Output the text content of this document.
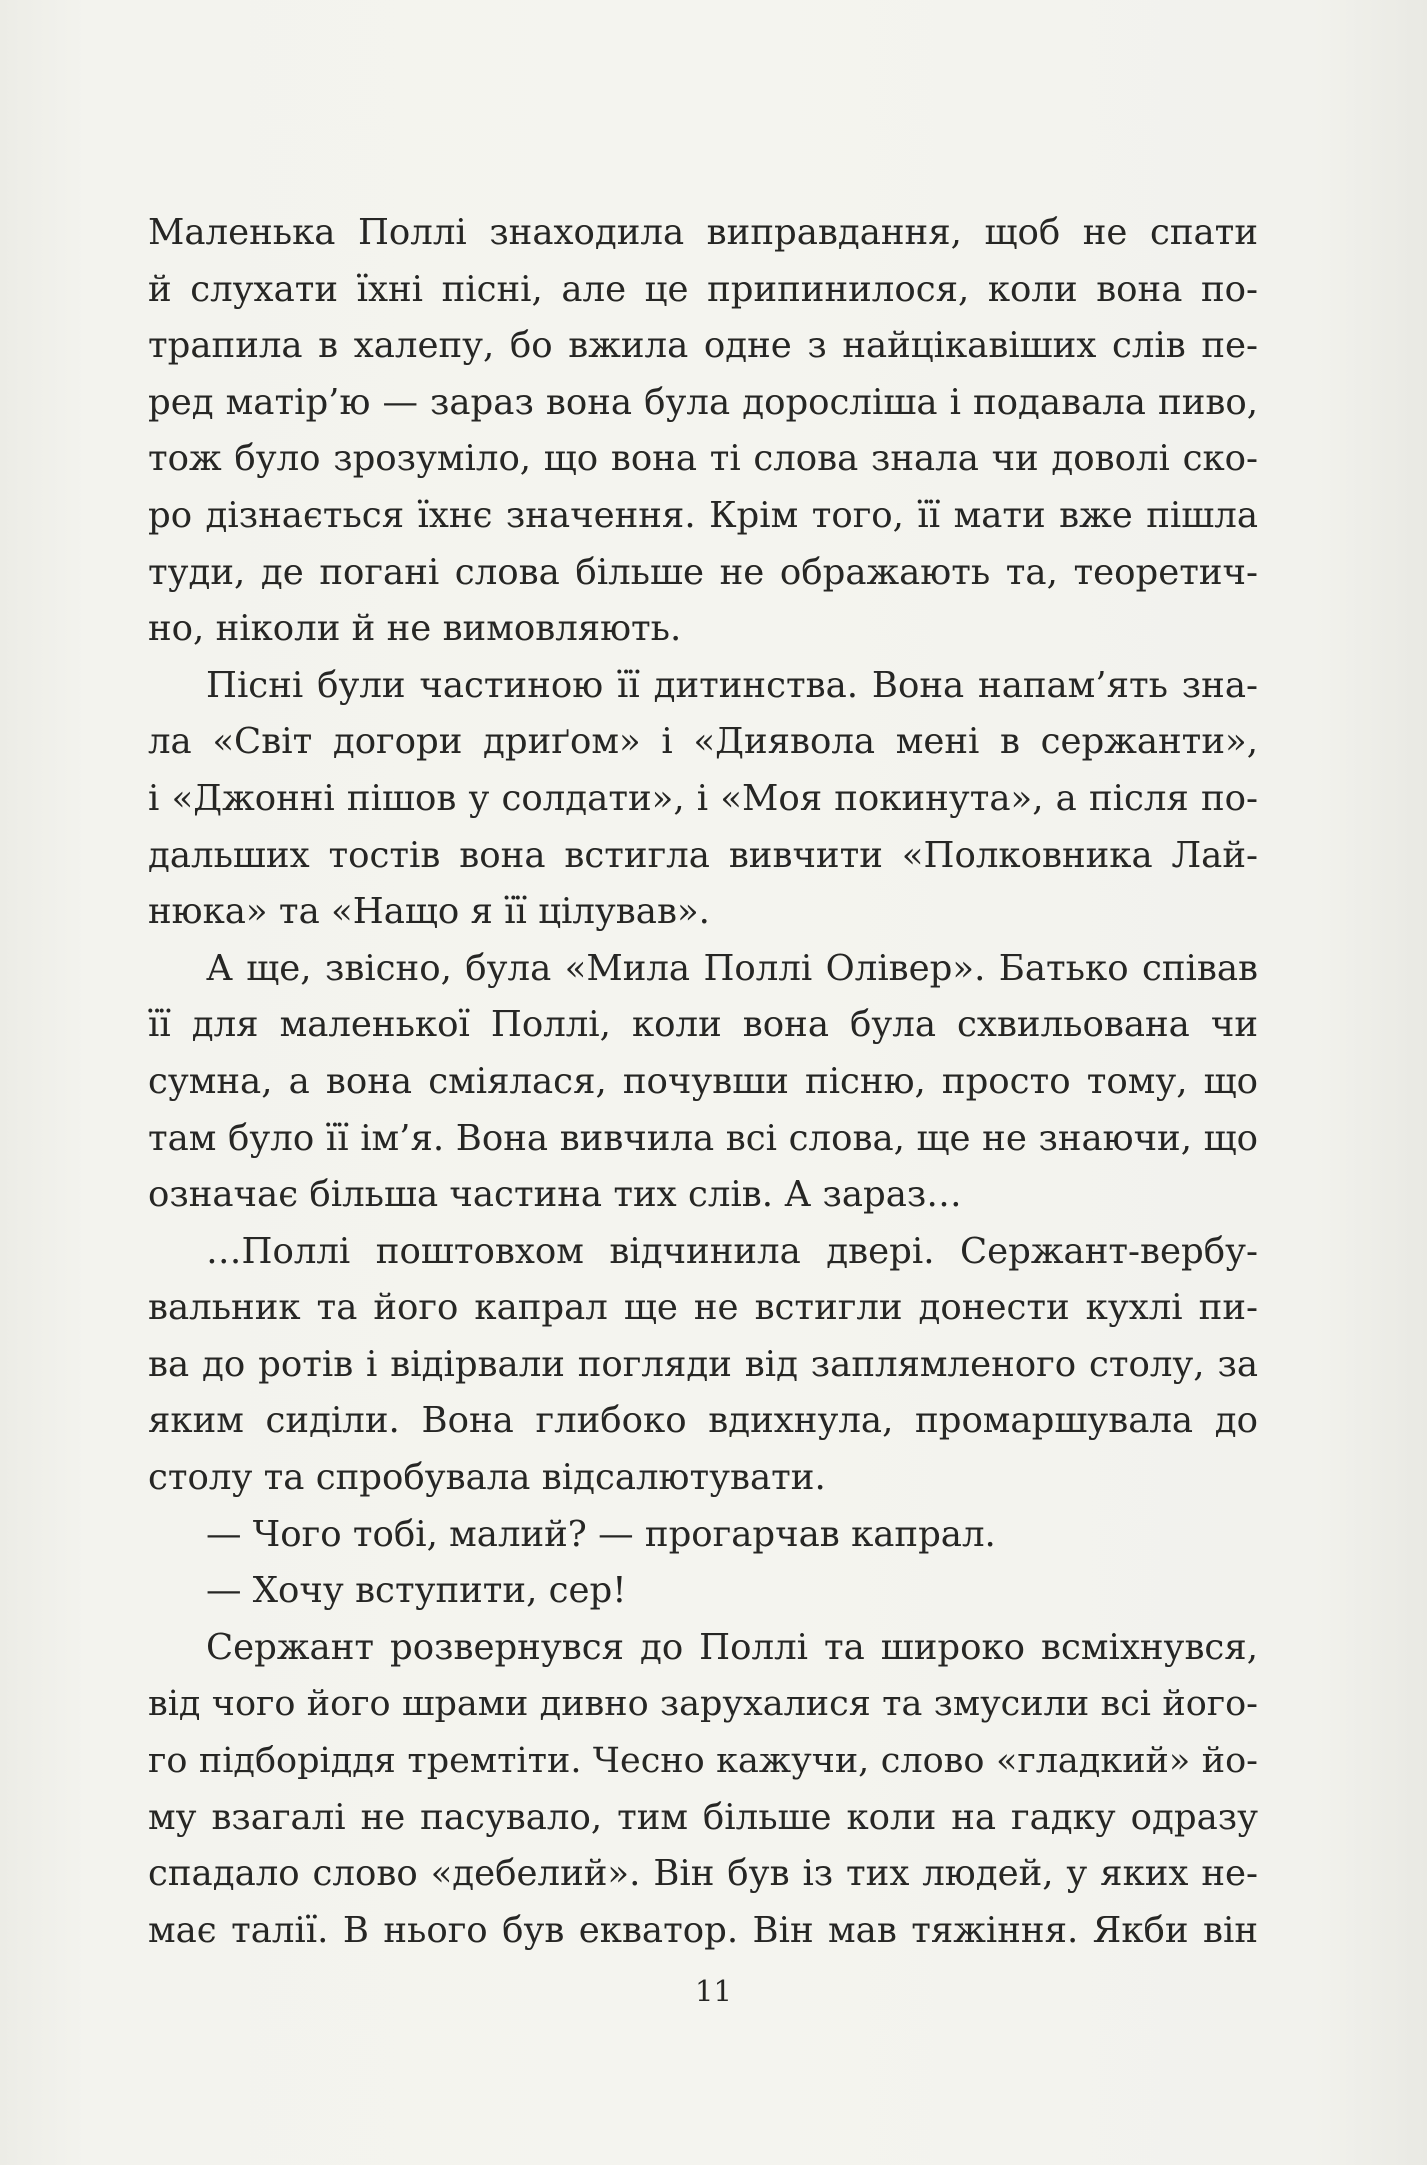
Маленька Поллі знаходила виправдання, щоб не спати
й слухати їхні пісні, але це припинилося, коли вона по-
трапила в халепу, бо вжила одне з найцікавіших слів пе-
ред матір’ю — зараз вона була доросліша і подавала пиво,
тож було зрозуміло, що вона ті слова знала чи доволі ско-
ро дізнається їхнє значення. Крім того, її мати вже пішла
туди, де погані слова більше не ображають та, теоретич-
но, ніколи й не вимовляють.
Пісні були частиною її дитинства. Вона напам’ять зна-
ла «Світ догори дриґом» і «Диявола мені в сержанти»,
і «Джонні пішов у солдати», і «Моя покинута», а після по-
дальших тостів вона встигла вивчити «Полковника Лай-
нюка» та «Нащо я її цілував».
А ще, звісно, була «Мила Поллі Олівер». Батько співав
її для маленької Поллі, коли вона була схвильована чи
сумна, а вона сміялася, почувши пісню, просто тому, що
там було її ім’я. Вона вивчила всі слова, ще не знаючи, що
означає більша частина тих слів. А зараз…
…Поллі поштовхом відчинила двері. Сержант-вербу-
вальник та його капрал ще не встигли донести кухлі пи-
ва до ротів і відірвали погляди від заплямленого столу, за
яким сиділи. Вона глибоко вдихнула, промаршувала до
столу та спробувала відсалютувати.
— Чого тобі, малий? — прогарчав капрал.
— Хочу вступити, сер!
Сержант розвернувся до Поллі та широко всміхнувся,
від чого його шрами дивно зарухалися та змусили всі його-
го підборіддя тремтіти. Чесно кажучи, слово «гладкий» йо-
му взагалі не пасувало, тим більше коли на гадку одразу
спадало слово «дебелий». Він був із тих людей, у яких не-
має талії. В нього був екватор. Він мав тяжіння. Якби він
11
